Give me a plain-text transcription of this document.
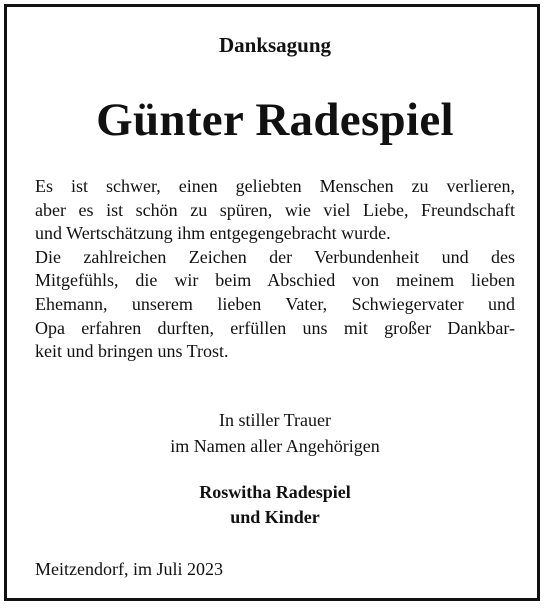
Danksagung
Günter Radespiel
Es ist schwer, einen geliebten Menschen zu verlieren,
aber es ist schön zu spüren, wie viel Liebe, Freundschaft
und Wertschätzung ihm entgegengebracht wurde.
Die zahlreichen Zeichen der Verbundenheit und des
Mitgefühls, die wir beim Abschied von meinem lieben
Ehemann, unserem lieben Vater, Schwiegervater und
Opa erfahren durften, erfüllen uns mit großer Dankbar-
keit und bringen uns Trost.
In stiller Trauer
im Namen aller Angehörigen
Roswitha Radespiel
und Kinder
Meitzendorf, im Juli 2023
